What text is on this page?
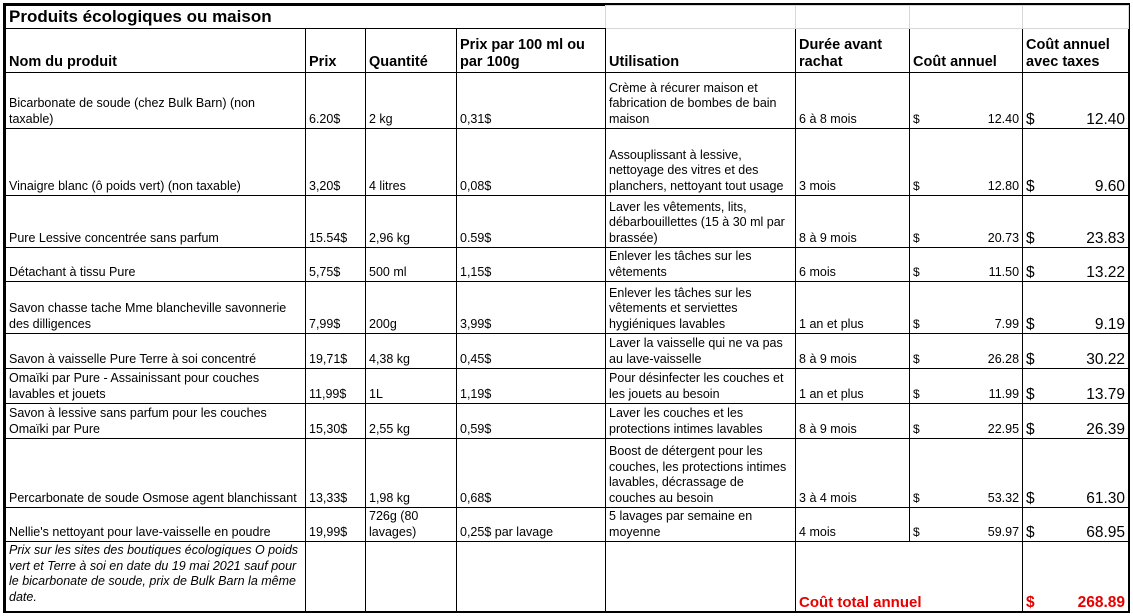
Produits écologiques ou maison							
Nom du produit	Prix	Quantité	Prix par 100 ml ou par 100g	Utilisation	Durée avant rachat	Coût annuel	Coût annuel avec taxes
Bicarbonate de soude (chez Bulk Barn) (non taxable)	6.20$	2 kg	0,31$	Crème à récurer maison et fabrication de bombes de bain maison	6 à 8 mois	$ 12.40	$ 12.40

Vinaigre blanc (ô poids vert) (non taxable)	3,20$	4 litres	0,08$	Assouplissant à lessive, nettoyage des vitres et des planchers, nettoyant tout usage	3 mois	$ 12.80	$ 9.60

Pure Lessive concentrée sans parfum	15.54$	2,96 kg	0.59$	Laver les vêtements, lits, débarbouillettes (15 à 30 ml par brassée)	8 à 9 mois	$ 20.73	$ 23.83

Détachant à tissu Pure	5,75$	500 ml	1,15$	Enlever les tâches sur les vêtements	6 mois	$ 11.50	$ 13.22

Savon chasse tache Mme blancheville savonnerie des dilligences	7,99$	200g	3,99$	Enlever les tâches sur les vêtements et serviettes hygiéniques lavables	1 an et plus	$ 7.99	$ 9.19

Savon à vaisselle Pure Terre à soi concentré	19,71$	4,38 kg	0,45$	Laver la vaisselle qui ne va pas au lave-vaisselle	8 à 9 mois	$ 26.28	$ 30.22

Omaïki par Pure - Assainissant pour couches lavables et jouets	11,99$	1L	1,19$	Pour désinfecter les couches et les jouets au besoin	1 an et plus	$ 11.99	$ 13.79

Savon à lessive sans parfum pour les couches Omaïki par Pure	15,30$	2,55 kg	0,59$	Laver les couches et les protections intimes lavables	8 à 9 mois	$ 22.95	$ 26.39

Percarbonate de soude Osmose agent blanchissant	13,33$	1,98 kg	0,68$	Boost de détergent pour les couches, les protections intimes lavables, décrassage de couches au besoin	3 à 4 mois	$ 53.32	$ 61.30

Nellie's nettoyant pour lave-vaisselle en poudre	19,99$	726g (80 lavages)	0,25$ par lavage	5 lavages par semaine en moyenne	4 mois	$ 59.97	$ 68.95

Prix sur les sites des boutiques écologiques O poids vert et Terre à soi en date du 19 mai 2021 sauf pour le bicarbonate de soude, prix de Bulk Barn la même date.					Coût total annuel		$ 268.89
